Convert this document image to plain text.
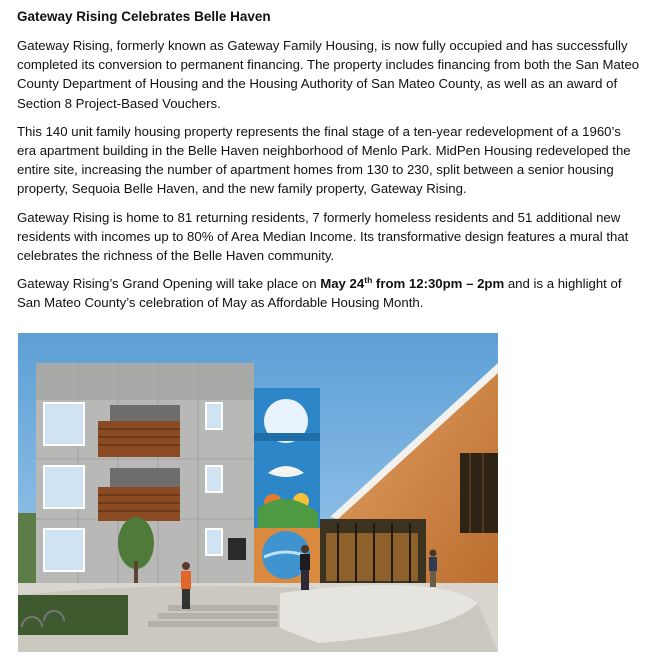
Gateway Rising Celebrates Belle Haven

Gateway Rising, formerly known as Gateway Family Housing, is now fully occupied and has successfully completed its conversion to permanent financing. The property includes financing from both the San Mateo County Department of Housing and the Housing Authority of San Mateo County, as well as an award of Section 8 Project-Based Vouchers.

This 140 unit family housing property represents the final stage of a ten-year redevelopment of a 1960’s era apartment building in the Belle Haven neighborhood of Menlo Park. MidPen Housing redeveloped the entire site, increasing the number of apartment homes from 130 to 230, split between a senior housing property, Sequoia Belle Haven, and the new family property, Gateway Rising.

Gateway Rising is home to 81 returning residents, 7 formerly homeless residents and 51 additional new residents with incomes up to 80% of Area Median Income. Its transformative design features a mural that celebrates the richness of the Belle Haven community.

Gateway Rising’s Grand Opening will take place on May 24th from 12:30pm – 2pm and is a highlight of San Mateo County’s celebration of May as Affordable Housing Month.
